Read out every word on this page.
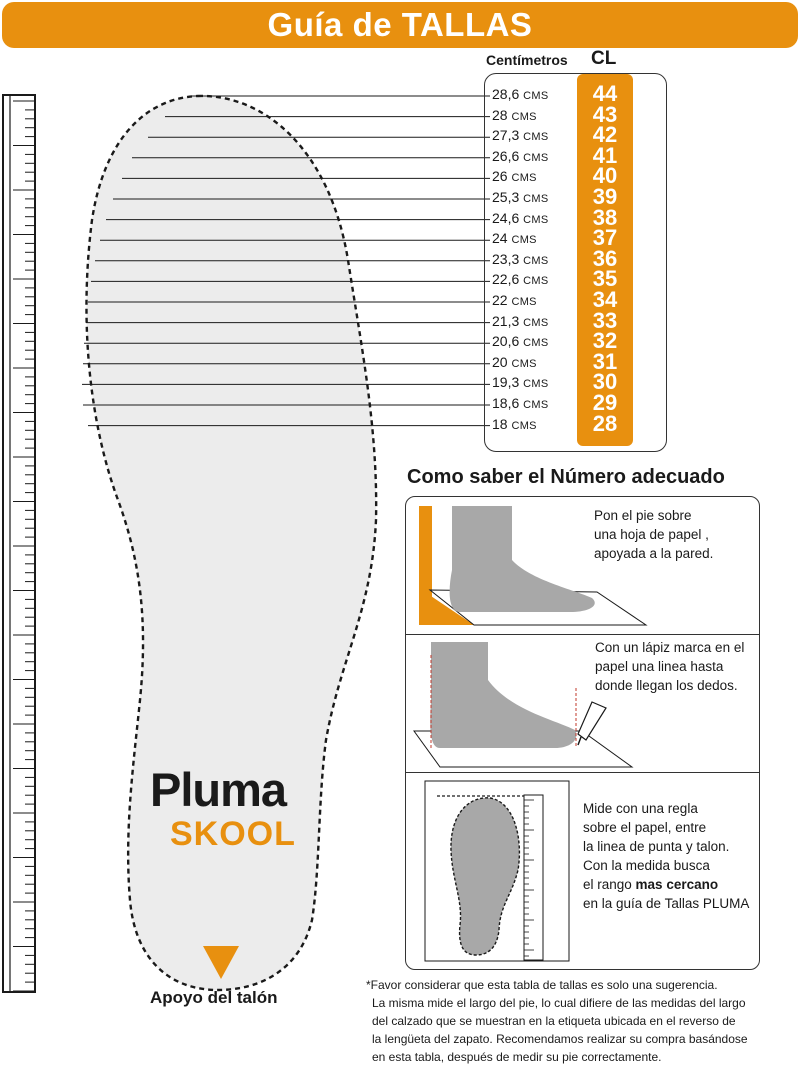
Guía de TALLAS
Pluma
SKOOL
Centímetros CL
28,6 CMS	44
28 CMS	43
27,3 CMS	42
26,6 CMS	41
26 CMS	40
25,3 CMS	39
24,6 CMS	38
24 CMS	37
23,3 CMS	36
22,6 CMS	35
22 CMS	34
21,3 CMS	33
20,6 CMS	32
20 CMS	31
19,3 CMS	30
18,6 CMS	29
18 CMS	28
Como saber el Número adecuado
Pon el pie sobre
una hoja de papel ,
apoyada a la pared.
Con un lápiz marca en el
papel una linea hasta
donde llegan los dedos.
Mide con una regla
sobre el papel, entre
la linea de punta y talon.
Con la medida busca
el rango mas cercano
en la guía de Tallas PLUMA
Apoyo del talón
*Favor considerar que esta tabla de tallas es solo una sugerencia.
La misma mide el largo del pie, lo cual difiere de las medidas del largo
del calzado que se muestran en la etiqueta ubicada en el reverso de
la lengüeta del zapato. Recomendamos realizar su compra basándose
en esta tabla, después de medir su pie correctamente.
